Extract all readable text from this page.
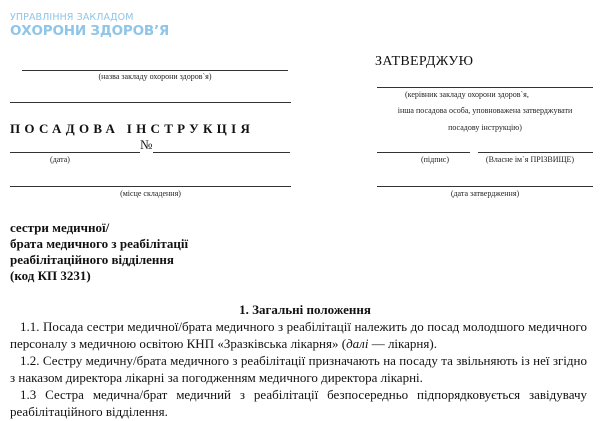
УПРАВЛІННЯ ЗАКЛАДОМ
ОХОРОНИ ЗДОРОВ’Я
(назва закладу охорони здоров`я)
ПОСАДОВА ІНСТРУКЦІЯ
№
(дата)
(місце складення)
ЗАТВЕРДЖУЮ
(керівник закладу охорони здоров`я,
інша посадова особа, уповноважена затверджувати
посадову інструкцію)
(підпис)	(Власне ім`я ПРІЗВИЩЕ)
(дата затвердження)
сестри медичної/
брата медичного з реабілітації
реабілітаційного відділення
(код КП 3231)
1. Загальні положення

1.1. Посада сестри медичної/брата медичного з реабілітації належить до посад молодшого медичного персоналу з медичною освітою КНП «Зразківська лікарня» (далі — лікарня).

1.2. Сестру медичну/брата медичного з реабілітації призначають на посаду та звільняють із неї згідно з наказом директора лікарні за погодженням медичного директора лікарні.

1.3 Сестра медична/брат медичний з реабілітації безпосередньо підпорядковується завідувачу реабілітаційного відділення.
